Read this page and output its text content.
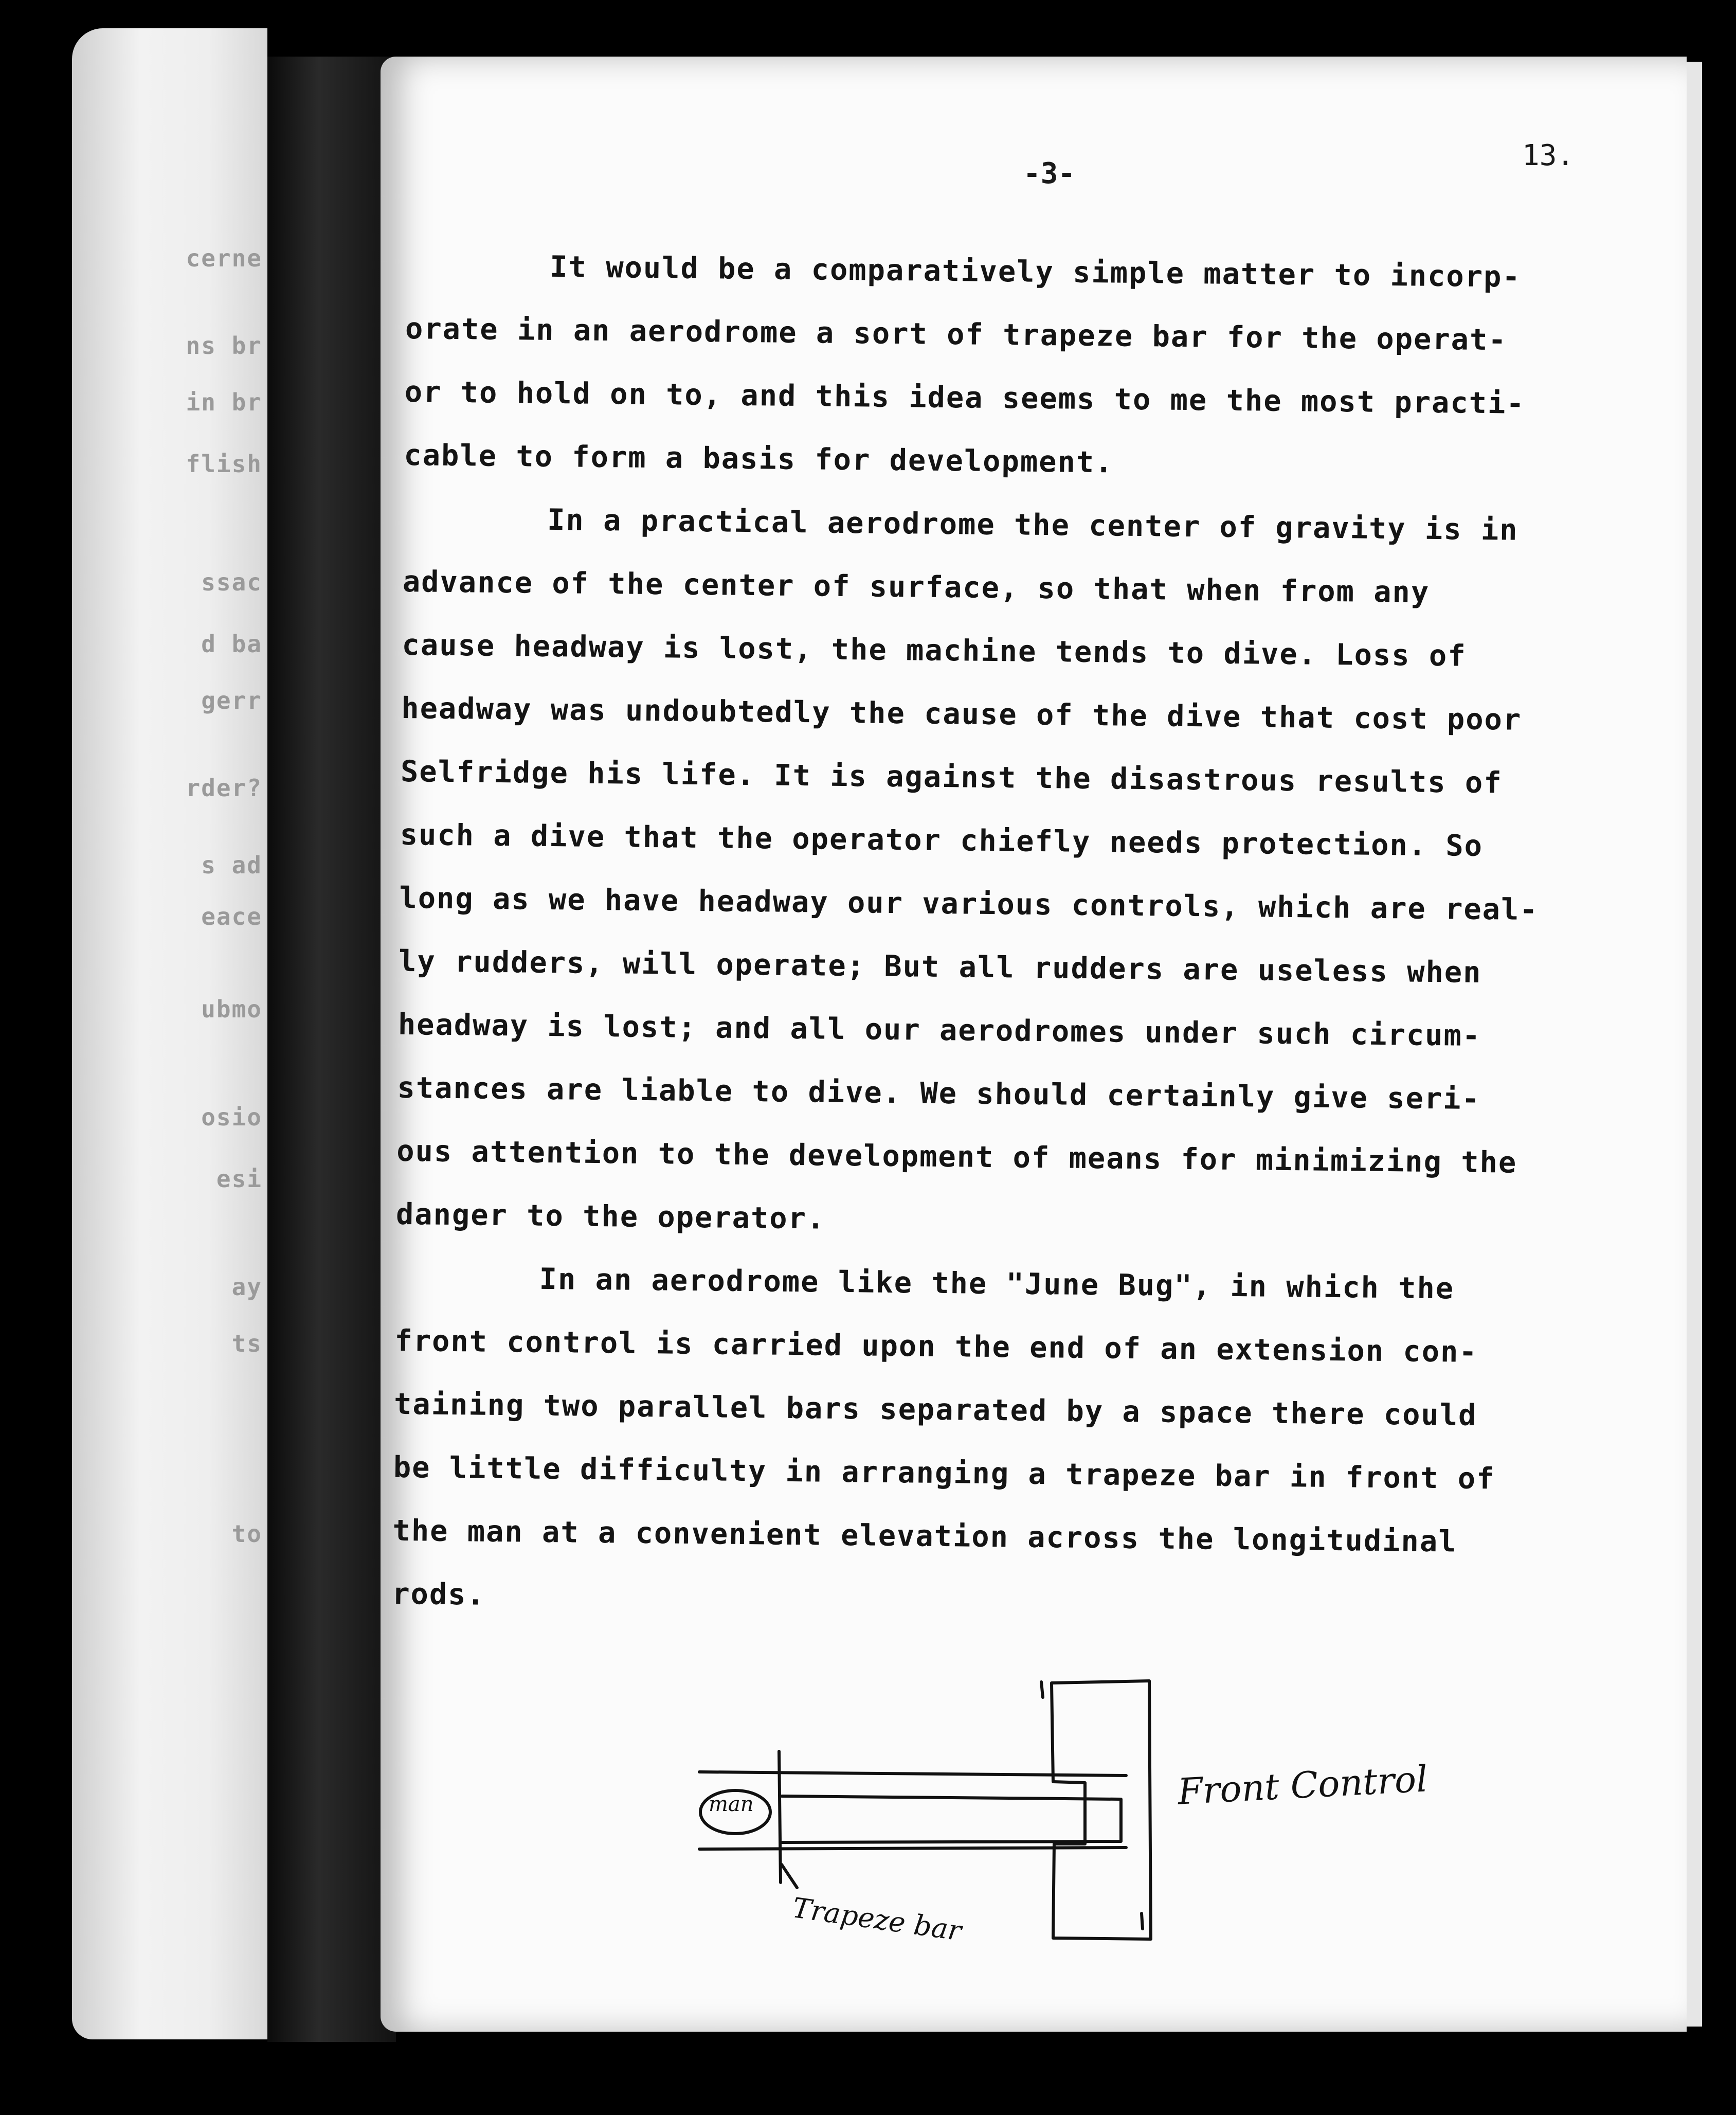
cerne
ns br
in br
flish
ssac
d ba
gerr
rder?
s ad
eace
ubmo
osio
esi
ay
ts
to
13.
-3-

It would be a comparatively simple matter to incorp-
orate in an aerodrome a sort of trapeze bar for the operat-
or to hold on to, and this idea seems to me the most practi-
cable to form a basis for development.

In a practical aerodrome the center of gravity is in
advance of the center of surface, so that when from any
cause headway is lost, the machine tends to dive. Loss of
headway was undoubtedly the cause of the dive that cost poor
Selfridge his life. It is against the disastrous results of
such a dive that the operator chiefly needs protection. So
long as we have headway our various controls, which are real-
ly rudders, will operate; But all rudders are useless when
headway is lost; and all our aerodromes under such circum-
stances are liable to dive. We should certainly give seri-
ous attention to the development of means for minimizing the
danger to the operator.

In an aerodrome like the "June Bug", in which the
front control is carried upon the end of an extension con-
taining two parallel bars separated by a space there could
be little difficulty in arranging a trapeze bar in front of
the man at a convenient elevation across the longitudinal
rods.

man
Trapeze bar
Front Control
